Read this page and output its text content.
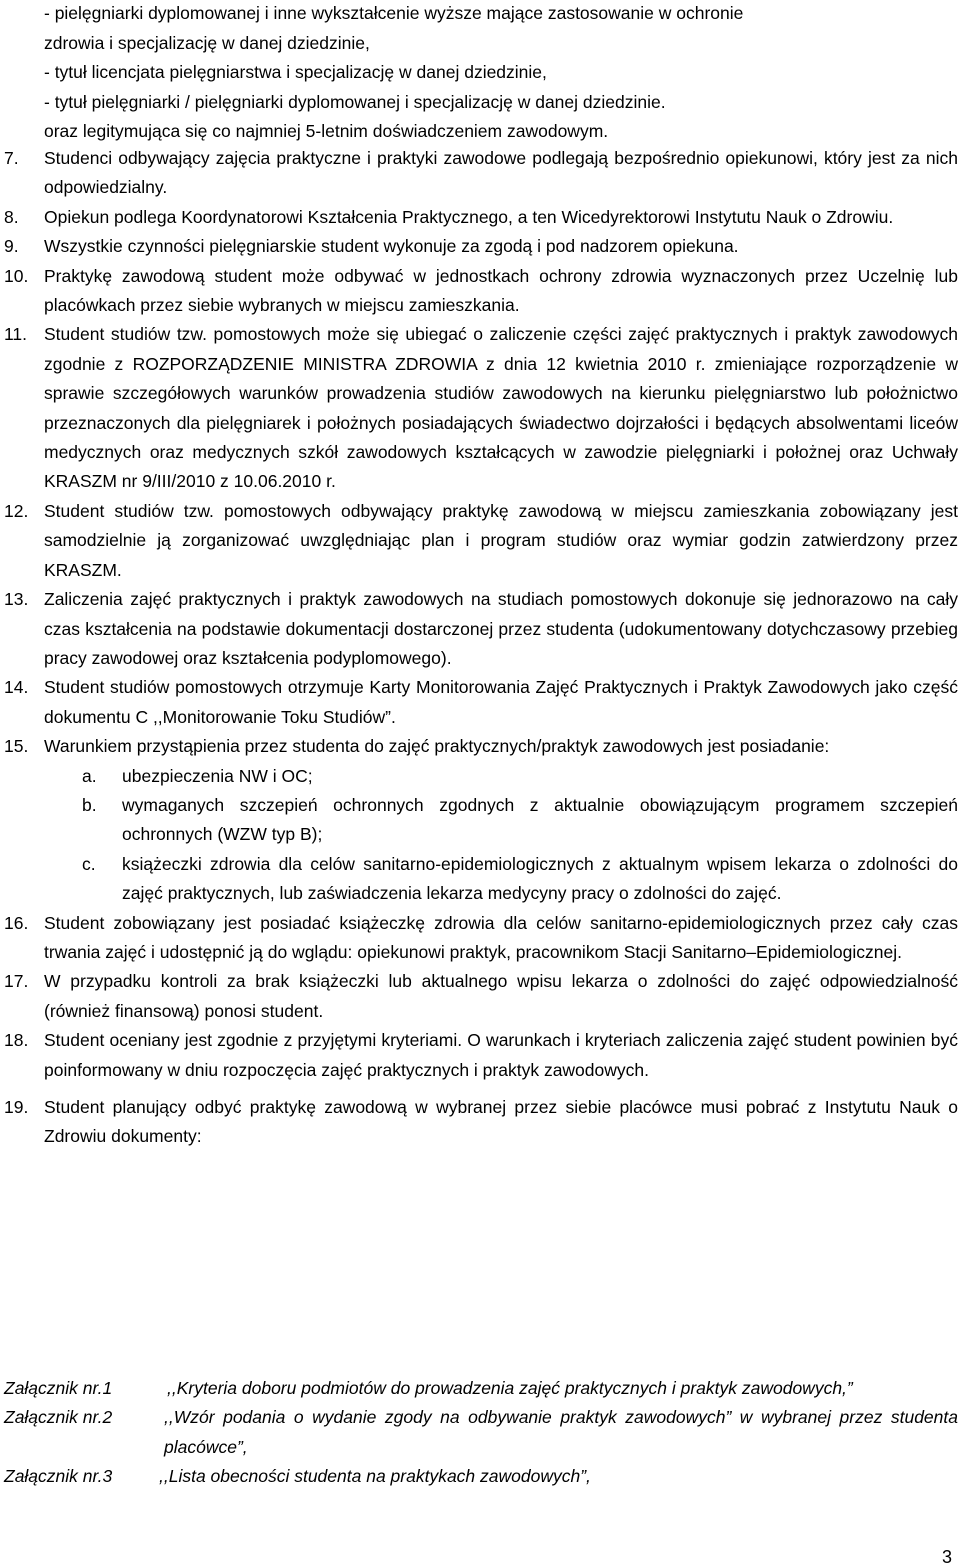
- pielęgniarki dyplomowanej i inne wykształcenie wyższe mające zastosowanie w ochronie
zdrowia i specjalizację w danej dziedzinie,
- tytuł licencjata pielęgniarstwa i specjalizację w danej dziedzinie,
- tytuł pielęgniarki / pielęgniarki dyplomowanej i specjalizację w danej dziedzinie.
oraz legitymująca się co najmniej 5-letnim doświadczeniem zawodowym.
7.	Studenci odbywający zajęcia praktyczne i praktyki zawodowe podlegają bezpośrednio opiekunowi, który jest za nich odpowiedzialny.
8.	Opiekun podlega Koordynatorowi Kształcenia Praktycznego, a ten Wicedyrektorowi Instytutu Nauk o Zdrowiu.
9.	Wszystkie czynności pielęgniarskie student wykonuje za zgodą i pod nadzorem opiekuna.
10. Praktykę zawodową student może odbywać w jednostkach ochrony zdrowia wyznaczonych przez Uczelnię lub placówkach przez siebie wybranych w miejscu zamieszkania.
11. Student studiów tzw. pomostowych może się ubiegać o zaliczenie części zajęć praktycznych i praktyk zawodowych zgodnie z ROZPORZĄDZENIE MINISTRA ZDROWIA z dnia 12 kwietnia 2010 r. zmieniające rozporządzenie w sprawie szczegółowych warunków prowadzenia studiów zawodowych na kierunku pielęgniarstwo lub położnictwo przeznaczonych dla pielęgniarek i położnych posiadających świadectwo dojrzałości i będących absolwentami liceów medycznych oraz medycznych szkół zawodowych kształcących w zawodzie pielęgniarki i położnej oraz Uchwały KRASZM nr 9/III/2010 z 10.06.2010 r.
12. Student studiów tzw. pomostowych odbywający praktykę zawodową w miejscu zamieszkania zobowiązany jest samodzielnie ją zorganizować uwzględniając plan i program studiów oraz wymiar godzin zatwierdzony przez KRASZM.
13. Zaliczenia zajęć praktycznych i praktyk zawodowych na studiach pomostowych dokonuje się jednorazowo na cały czas kształcenia na podstawie dokumentacji dostarczonej przez studenta (udokumentowany dotychczasowy przebieg pracy zawodowej oraz kształcenia podyplomowego).
14. Student studiów pomostowych otrzymuje Karty Monitorowania Zajęć Praktycznych i Praktyk Zawodowych jako część dokumentu C ,,Monitorowanie Toku Studiów”.
15. Warunkiem przystąpienia przez studenta do zajęć praktycznych/praktyk zawodowych jest posiadanie:
a.	ubezpieczenia NW i OC;
b.	wymaganych szczepień ochronnych zgodnych z aktualnie obowiązującym programem szczepień ochronnych (WZW typ B);
c.	książeczki zdrowia dla celów sanitarno-epidemiologicznych z aktualnym wpisem lekarza o zdolności do zajęć praktycznych, lub zaświadczenia lekarza medycyny pracy o zdolności do zajęć.
16. Student zobowiązany jest posiadać książeczkę zdrowia dla celów sanitarno-epidemiologicznych przez cały czas trwania zajęć i udostępnić ją do wglądu: opiekunowi praktyk, pracownikom Stacji Sanitarno–Epidemiologicznej.
17. W przypadku kontroli za brak książeczki lub aktualnego wpisu lekarza o zdolności do zajęć odpowiedzialność (również finansową) ponosi student.
18. Student oceniany jest zgodnie z przyjętymi kryteriami. O warunkach i kryteriach zaliczenia zajęć student powinien być poinformowany w dniu rozpoczęcia zajęć praktycznych i praktyk zawodowych.
19. Student planujący odbyć praktykę zawodową w wybranej przez siebie placówce musi pobrać z Instytutu Nauk o Zdrowiu dokumenty:
Załącznik nr.1	,,Kryteria doboru podmiotów do prowadzenia zajęć praktycznych i praktyk zawodowych,”
Załącznik nr.2	,,Wzór podania o wydanie zgody na odbywanie praktyk zawodowych” w wybranej przez studenta placówce”,
Załącznik nr.3	,,Lista obecności studenta na praktykach zawodowych”,
3
